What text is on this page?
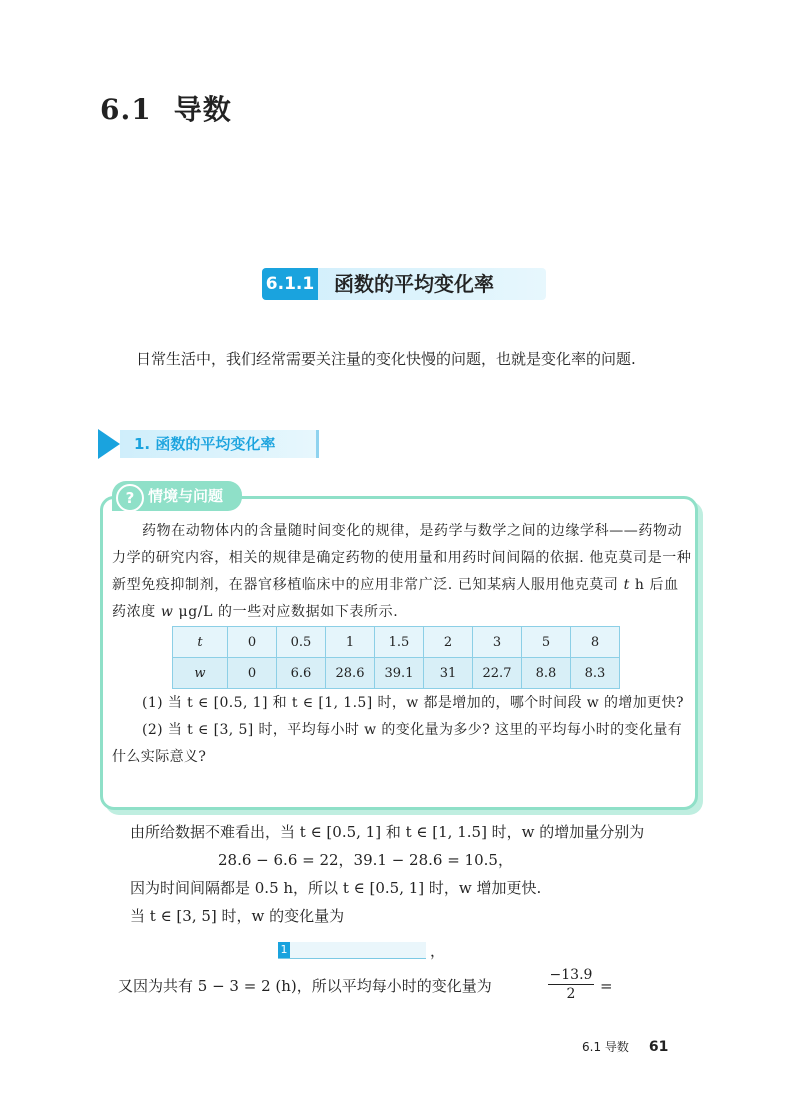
6.1 导数
6.1.1 函数的平均变化率

日常生活中，我们经常需要关注量的变化快慢的问题，也就是变化率的问题.

1. 函数的平均变化率
? 情境与问题

药物在动物体内的含量随时间变化的规律，是药学与数学之间的边缘学科——药物动力学的研究内容，相关的规律是确定药物的使用量和用药时间间隔的依据. 他克莫司是一种新型免疫抑制剂，在器官移植临床中的应用非常广泛. 已知某病人服用他克莫司 t h 后血药浓度 w μg/L 的一些对应数据如下表所示.

t	0	0.5	1	1.5	2	3	5	8
w	0	6.6	28.6	39.1	31	22.7	8.8	8.3

(1) 当 t ∈ [0.5, 1] 和 t ∈ [1, 1.5] 时，w 都是增加的，哪个时间段 w 的增加更快?

(2) 当 t ∈ [3, 5] 时，平均每小时 w 的变化量为多少? 这里的平均每小时的变化量有什么实际意义?

由所给数据不难看出，当 t ∈ [0.5, 1] 和 t ∈ [1, 1.5] 时，w 的增加量分别为

28.6 − 6.6 = 22，39.1 − 28.6 = 10.5，

因为时间间隔都是 0.5 h，所以 t ∈ [0.5, 1] 时，w 增加更快.

当 t ∈ [3, 5] 时，w 的变化量为

1	，
又因为共有 5 − 3 = 2 (h)，所以平均每小时的变化量为	$\frac{-13.9}{2}$ =
6.1 导数 61
